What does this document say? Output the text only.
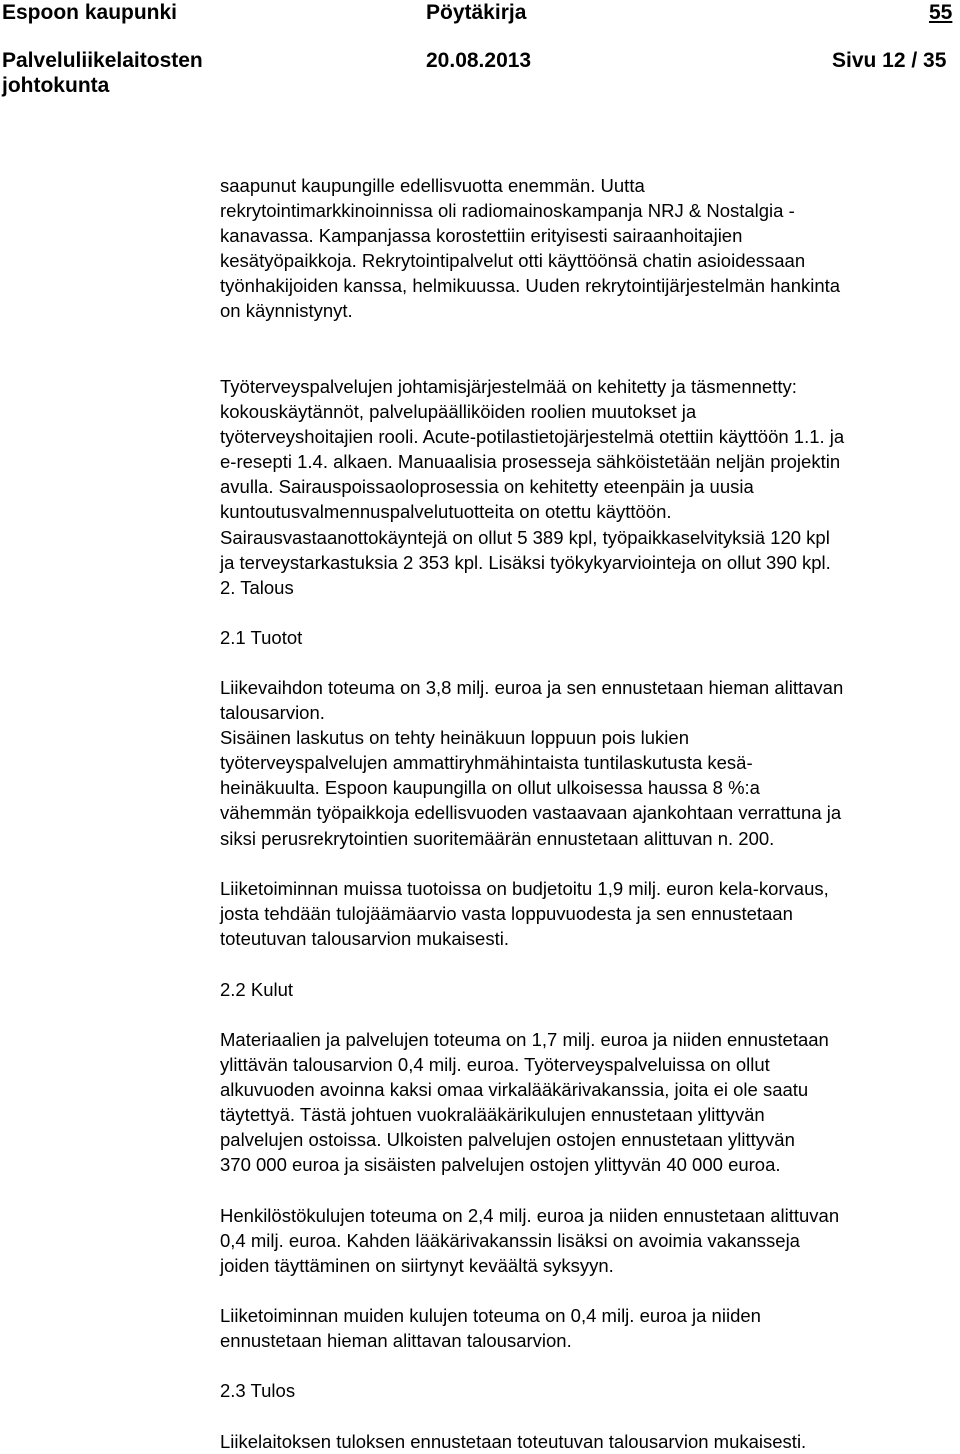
Espoon kaupunki	Pöytäkirja	55
Palveluliikelaitosten
johtokunta
20.08.2013	Sivu 12 / 35
saapunut kaupungille edellisvuotta enemmän. Uutta
rekrytointimarkkinoinnissa oli radiomainoskampanja NRJ & Nostalgia -
kanavassa. Kampanjassa korostettiin erityisesti sairaanhoitajien
kesätyöpaikkoja. Rekrytointipalvelut otti käyttöönsä chatin asioidessaan
työnhakijoiden kanssa, helmikuussa. Uuden rekrytointijärjestelmän hankinta
on käynnistynyt.
Työterveyspalvelujen johtamisjärjestelmää on kehitetty ja täsmennetty:
kokouskäytännöt, palvelupäälliköiden roolien muutokset ja
työterveyshoitajien rooli. Acute-potilastietojärjestelmä otettiin käyttöön 1.1. ja
e-resepti 1.4. alkaen. Manuaalisia prosesseja sähköistetään neljän projektin
avulla. Sairauspoissaoloprosessia on kehitetty eteenpäin ja uusia
kuntoutusvalmennuspalvelutuotteita on otettu käyttöön.
Sairausvastaanottokäyntejä on ollut 5 389 kpl, työpaikkaselvityksiä 120 kpl
ja terveystarkastuksia 2 353 kpl. Lisäksi työkykyarviointeja on ollut 390 kpl.
2. Talous
2.1 Tuotot
Liikevaihdon toteuma on 3,8 milj. euroa ja sen ennustetaan hieman alittavan
talousarvion.
Sisäinen laskutus on tehty heinäkuun loppuun pois lukien
työterveyspalvelujen ammattiryhmähintaista tuntilaskutusta kesä-
heinäkuulta. Espoon kaupungilla on ollut ulkoisessa haussa 8 %:a
vähemmän työpaikkoja edellisvuoden vastaavaan ajankohtaan verrattuna ja
siksi perusrekrytointien suoritemäärän ennustetaan alittuvan n. 200.
Liiketoiminnan muissa tuotoissa on budjetoitu 1,9 milj. euron kela-korvaus,
josta tehdään tulojäämäarvio vasta loppuvuodesta ja sen ennustetaan
toteutuvan talousarvion mukaisesti.
2.2 Kulut
Materiaalien ja palvelujen toteuma on 1,7 milj. euroa ja niiden ennustetaan
ylittävän talousarvion 0,4 milj. euroa. Työterveyspalveluissa on ollut
alkuvuoden avoinna kaksi omaa virkalääkärivakanssia, joita ei ole saatu
täytettyä. Tästä johtuen vuokralääkärikulujen ennustetaan ylittyvän
palvelujen ostoissa. Ulkoisten palvelujen ostojen ennustetaan ylittyvän
370 000 euroa ja sisäisten palvelujen ostojen ylittyvän 40 000 euroa.
Henkilöstökulujen toteuma on 2,4 milj. euroa ja niiden ennustetaan alittuvan
0,4 milj. euroa. Kahden lääkärivakanssin lisäksi on avoimia vakansseja
joiden täyttäminen on siirtynyt keväältä syksyyn.
Liiketoiminnan muiden kulujen toteuma on 0,4 milj. euroa ja niiden
ennustetaan hieman alittavan talousarvion.
2.3 Tulos
Liikelaitoksen tuloksen ennustetaan toteutuvan talousarvion mukaisesti.
